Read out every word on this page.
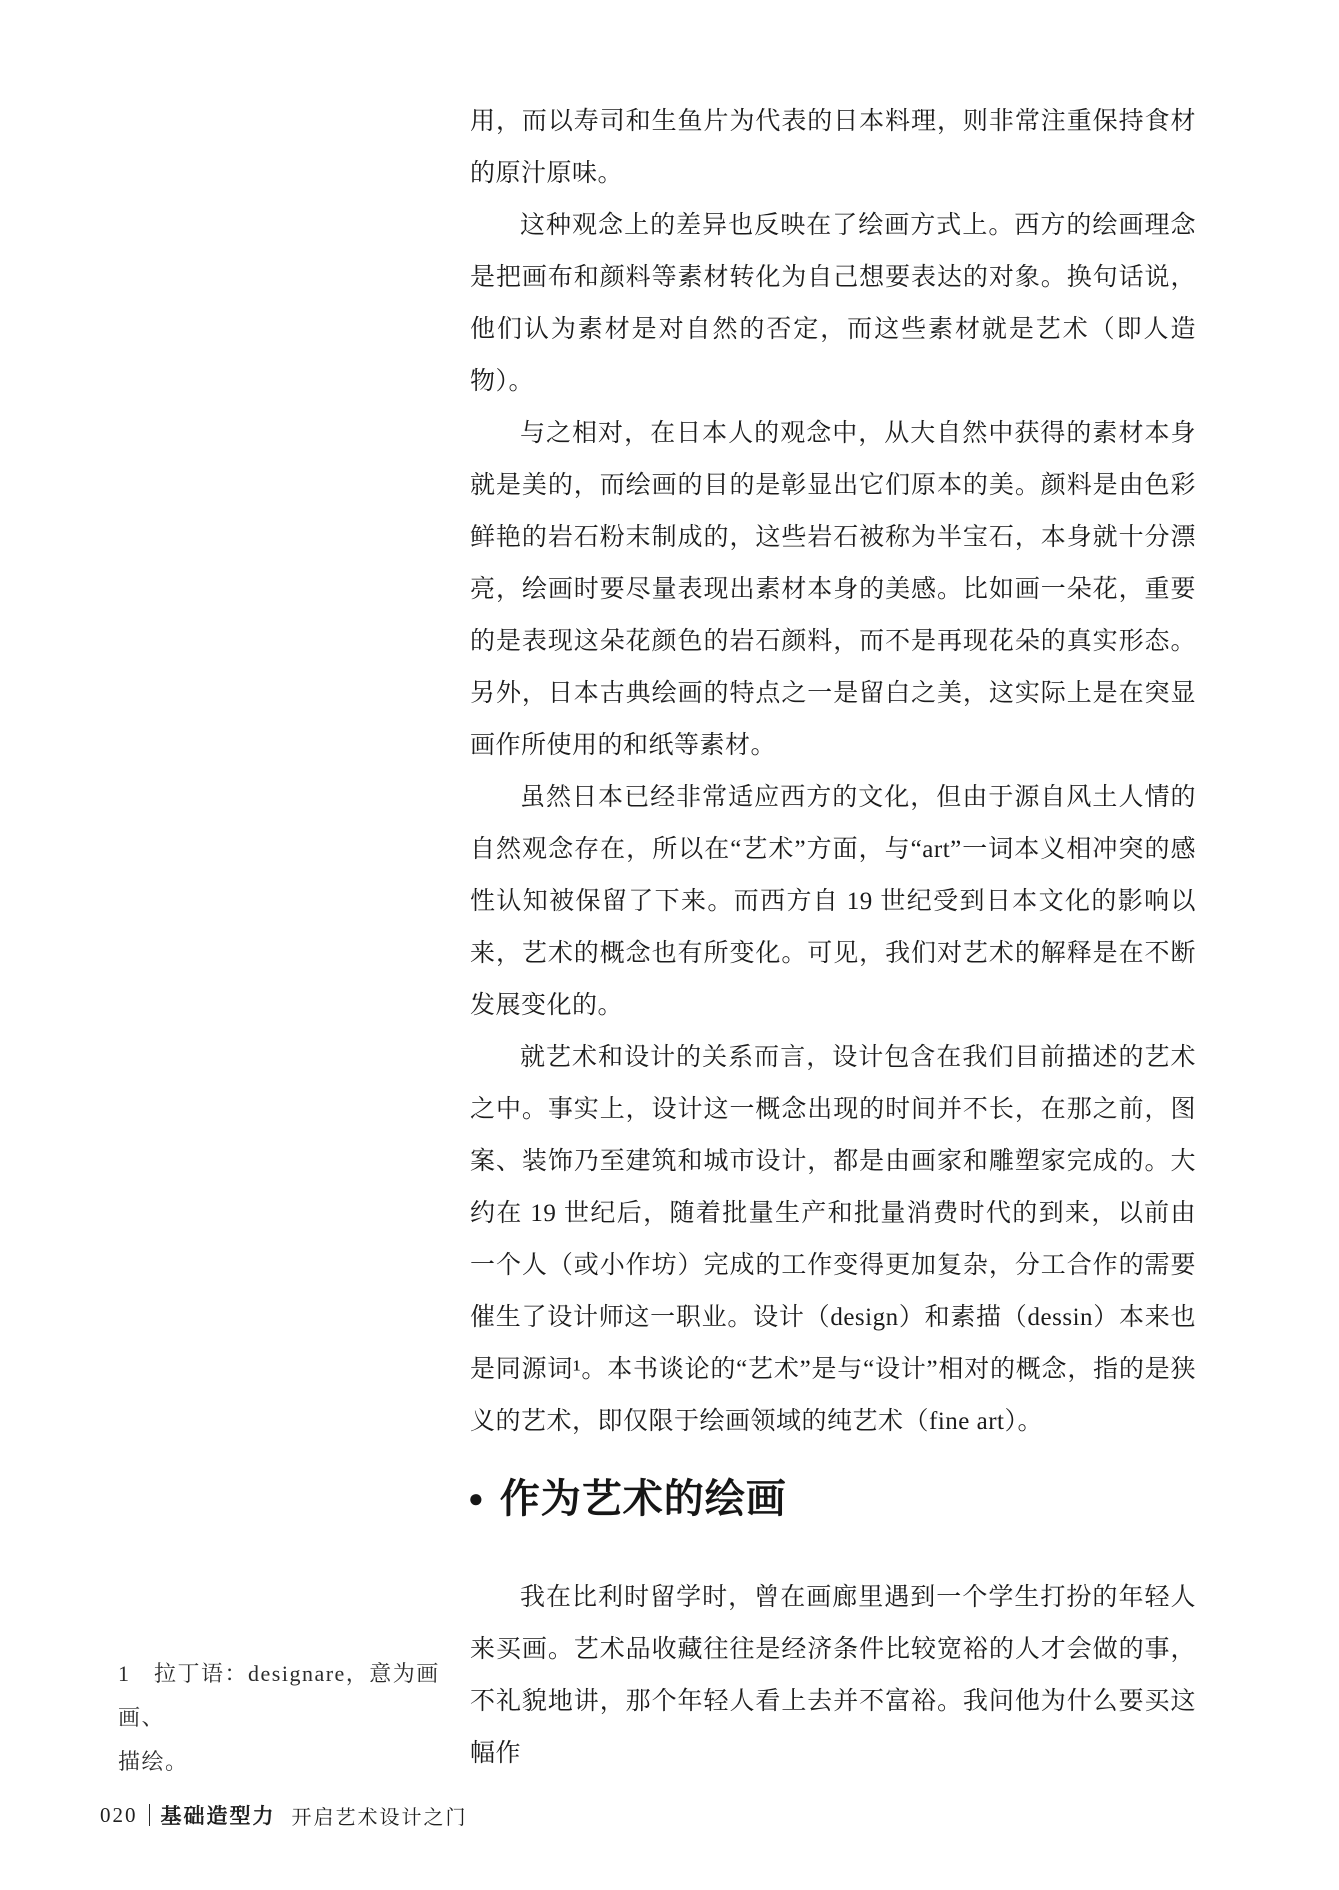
用，而以寿司和生鱼片为代表的日本料理，则非常注重保持食材的原汁原味。

这种观念上的差异也反映在了绘画方式上。西方的绘画理念是把画布和颜料等素材转化为自己想要表达的对象。换句话说，他们认为素材是对自然的否定，而这些素材就是艺术（即人造物）。

与之相对，在日本人的观念中，从大自然中获得的素材本身就是美的，而绘画的目的是彰显出它们原本的美。颜料是由色彩鲜艳的岩石粉末制成的，这些岩石被称为半宝石，本身就十分漂亮，绘画时要尽量表现出素材本身的美感。比如画一朵花，重要的是表现这朵花颜色的岩石颜料，而不是再现花朵的真实形态。另外，日本古典绘画的特点之一是留白之美，这实际上是在突显画作所使用的和纸等素材。

虽然日本已经非常适应西方的文化，但由于源自风土人情的自然观念存在，所以在“艺术”方面，与“art”一词本义相冲突的感性认知被保留了下来。而西方自 19 世纪受到日本文化的影响以来，艺术的概念也有所变化。可见，我们对艺术的解释是在不断发展变化的。

就艺术和设计的关系而言，设计包含在我们目前描述的艺术之中。事实上，设计这一概念出现的时间并不长，在那之前，图案、装饰乃至建筑和城市设计，都是由画家和雕塑家完成的。大约在 19 世纪后，随着批量生产和批量消费时代的到来，以前由一个人（或小作坊）完成的工作变得更加复杂，分工合作的需要催生了设计师这一职业。设计（design）和素描（dessin）本来也是同源词¹。本书谈论的“艺术”是与“设计”相对的概念，指的是狭义的艺术，即仅限于绘画领域的纯艺术（fine art）。

● 作为艺术的绘画

我在比利时留学时，曾在画廊里遇到一个学生打扮的年轻人来买画。艺术品收藏往往是经济条件比较宽裕的人才会做的事，不礼貌地讲，那个年轻人看上去并不富裕。我问他为什么要买这幅作

1　拉丁语：designare，意为画画、
描绘。
020 基础造型力 开启艺术设计之门
